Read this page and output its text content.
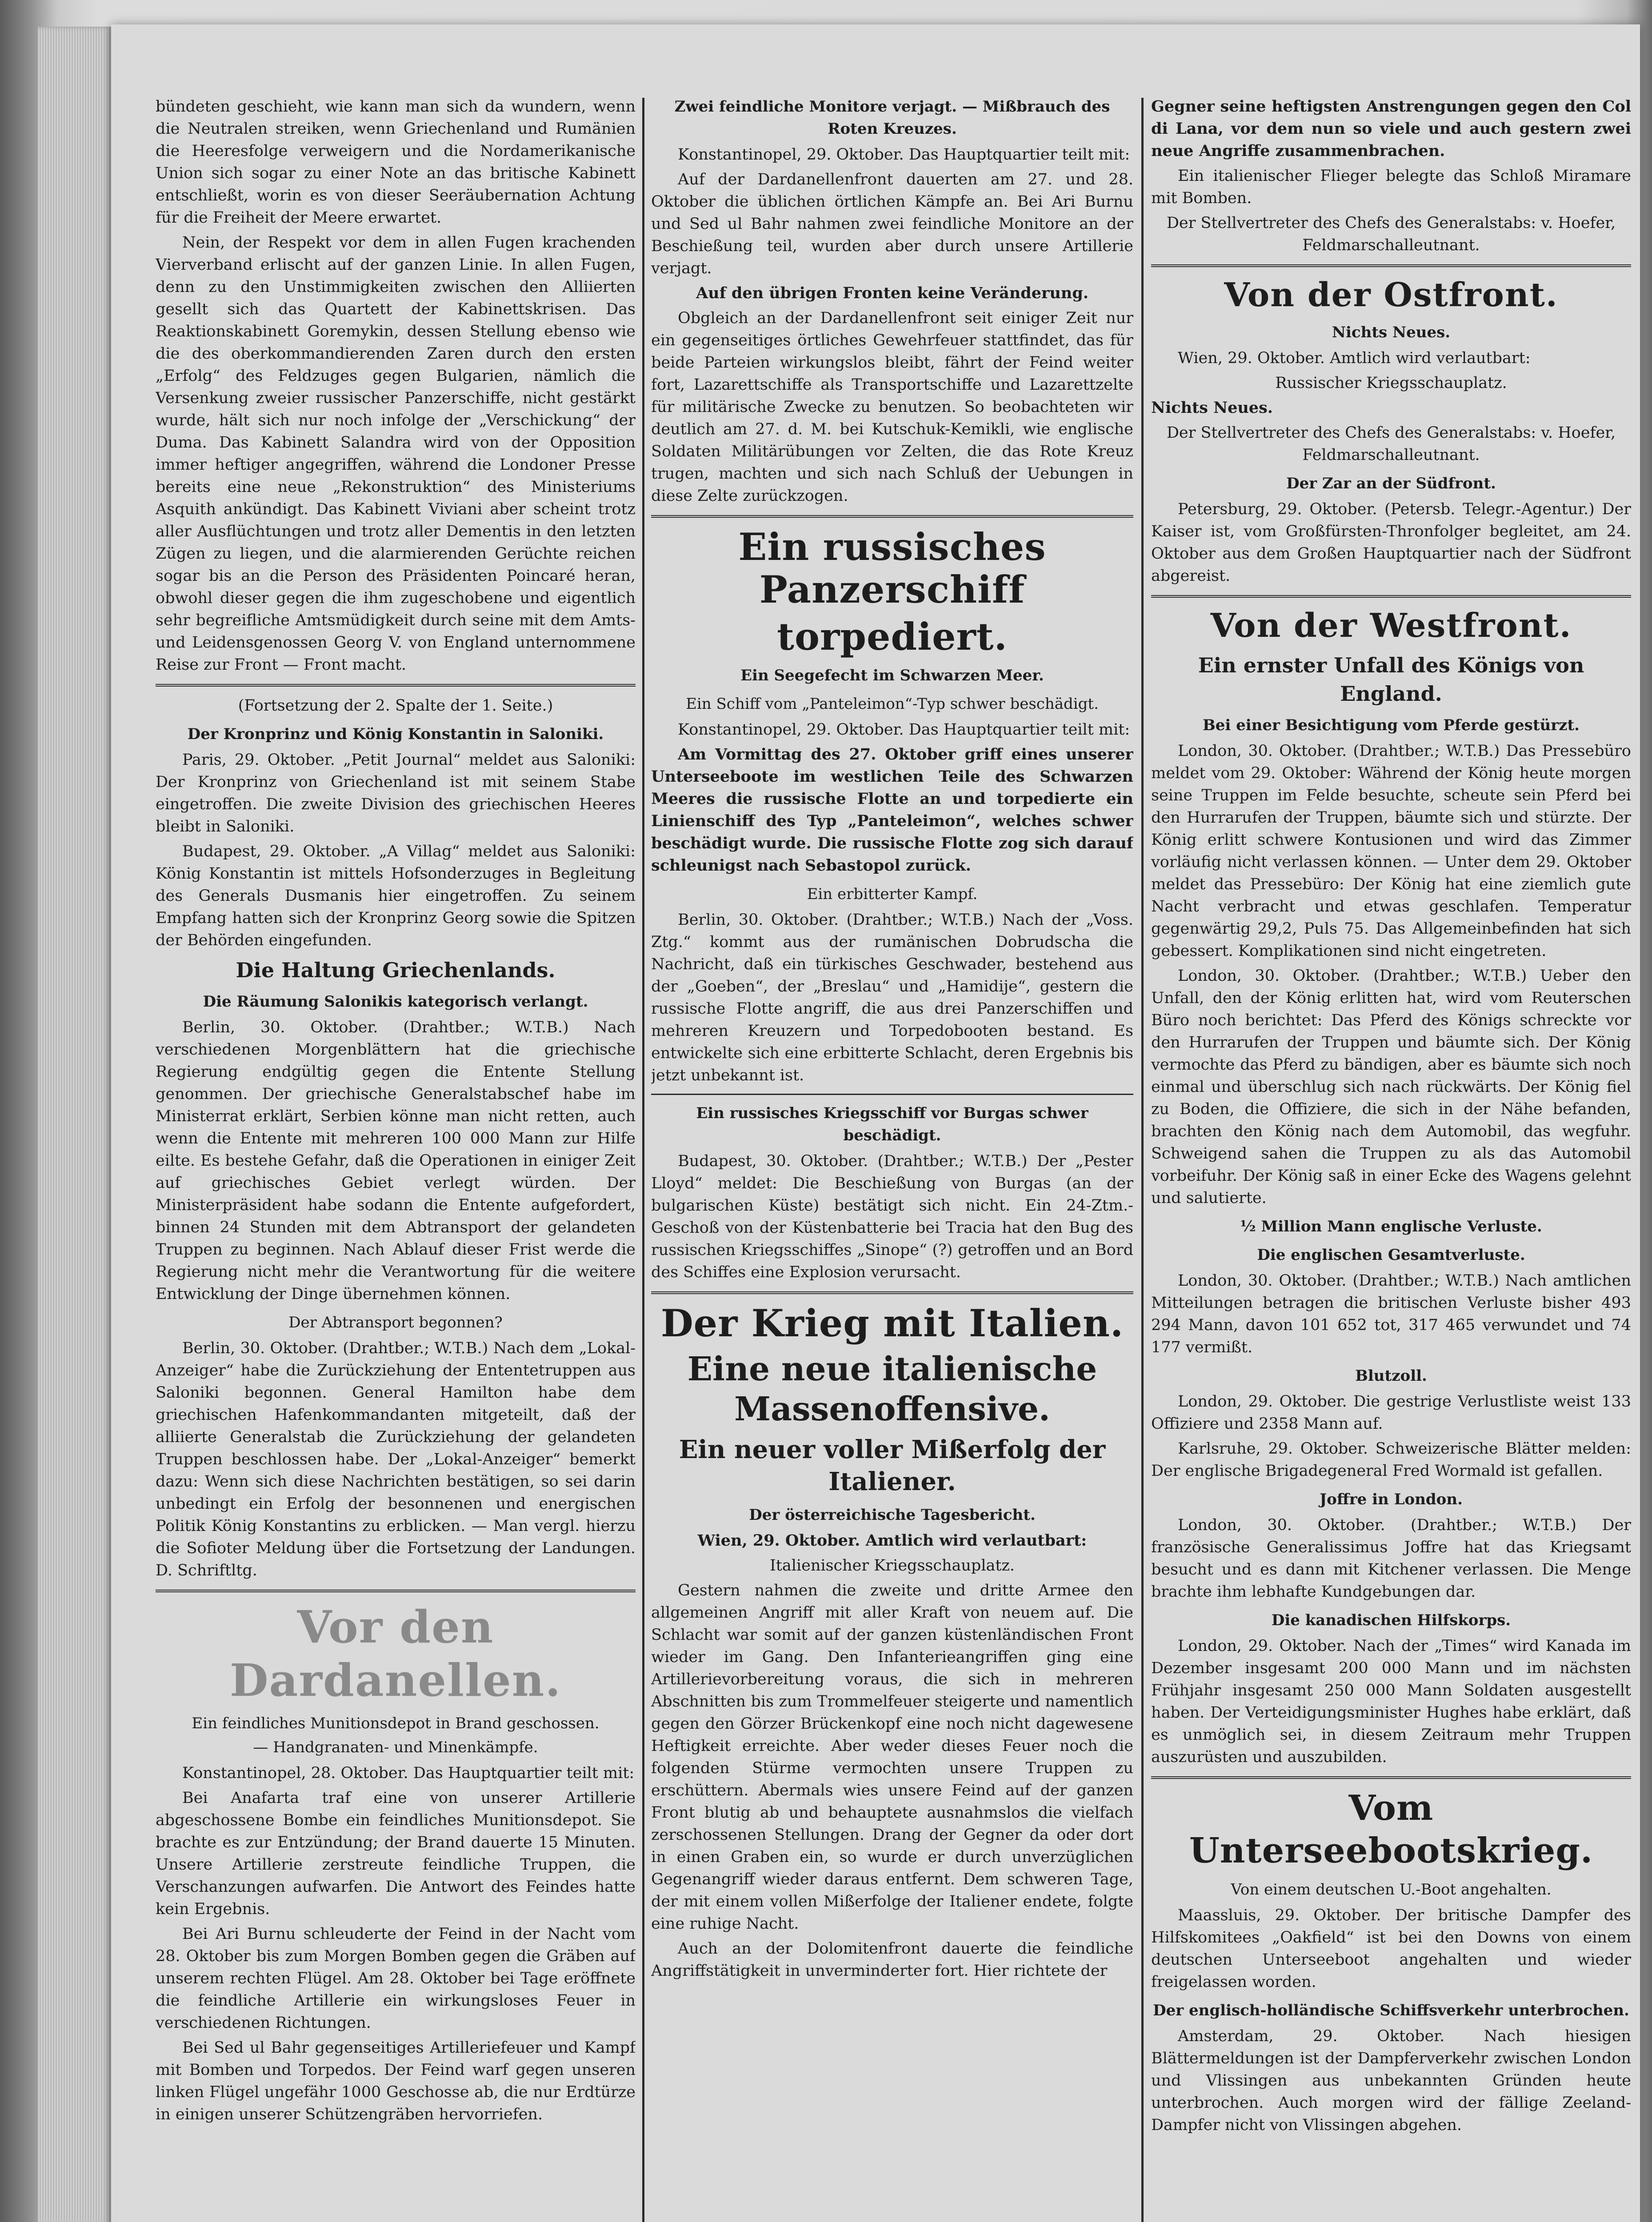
bündeten geschieht, wie kann man sich da wundern, wenn die Neutralen streiken, wenn Griechenland und Rumänien die Heeresfolge verweigern und die Nordamerikanische Union sich sogar zu einer Note an das britische Kabinett entschließt, worin es von dieser Seeräubernation Achtung für die Freiheit der Meere erwartet.

Nein, der Respekt vor dem in allen Fugen krachenden Vierverband erlischt auf der ganzen Linie. In allen Fugen, denn zu den Unstimmigkeiten zwischen den Alliierten gesellt sich das Quartett der Kabinettskrisen. Das Reaktionskabinett Goremykin, dessen Stellung ebenso wie die des oberkommandierenden Zaren durch den ersten „Erfolg“ des Feldzuges gegen Bulgarien, nämlich die Versenkung zweier russischer Panzerschiffe, nicht gestärkt wurde, hält sich nur noch infolge der „Verschickung“ der Duma. Das Kabinett Salandra wird von der Opposition immer heftiger angegriffen, während die Londoner Presse bereits eine neue „Rekonstruktion“ des Ministeriums Asquith ankündigt. Das Kabinett Viviani aber scheint trotz aller Ausflüchtungen und trotz aller Dementis in den letzten Zügen zu liegen, und die alarmierenden Gerüchte reichen sogar bis an die Person des Präsidenten Poincaré heran, obwohl dieser gegen die ihm zugeschobene und eigentlich sehr begreifliche Amtsmüdigkeit durch seine mit dem Amts- und Leidensgenossen Georg V. von England unternommene Reise zur Front — Front macht.

(Fortsetzung der 2. Spalte der 1. Seite.)

Der Kronprinz und König Konstantin in Saloniki.

Paris, 29. Oktober. „Petit Journal“ meldet aus Saloniki: Der Kronprinz von Griechenland ist mit seinem Stabe eingetroffen. Die zweite Division des griechischen Heeres bleibt in Saloniki.

Budapest, 29. Oktober. „A Villag“ meldet aus Saloniki: König Konstantin ist mittels Hofsonderzuges in Begleitung des Generals Dusmanis hier eingetroffen. Zu seinem Empfang hatten sich der Kronprinz Georg sowie die Spitzen der Behörden eingefunden.

Die Haltung Griechenlands.
Die Räumung Salonikis kategorisch verlangt.

Berlin, 30. Oktober. (Drahtber.; W.T.B.) Nach verschiedenen Morgenblättern hat die griechische Regierung endgültig gegen die Entente Stellung genommen. Der griechische Generalstabschef habe im Ministerrat erklärt, Serbien könne man nicht retten, auch wenn die Entente mit mehreren 100 000 Mann zur Hilfe eilte. Es bestehe Gefahr, daß die Operationen in einiger Zeit auf griechisches Gebiet verlegt würden. Der Ministerpräsident habe sodann die Entente aufgefordert, binnen 24 Stunden mit dem Abtransport der gelandeten Truppen zu beginnen. Nach Ablauf dieser Frist werde die Regierung nicht mehr die Verantwortung für die weitere Entwicklung der Dinge übernehmen können.

Der Abtransport begonnen?

Berlin, 30. Oktober. (Drahtber.; W.T.B.) Nach dem „Lokal-Anzeiger“ habe die Zurückziehung der Ententetruppen aus Saloniki begonnen. General Hamilton habe dem griechischen Hafenkommandanten mitgeteilt, daß der alliierte Generalstab die Zurückziehung der gelandeten Truppen beschlossen habe. Der „Lokal-Anzeiger“ bemerkt dazu: Wenn sich diese Nachrichten bestätigen, so sei darin unbedingt ein Erfolg der besonnenen und energischen Politik König Konstantins zu erblicken. — Man vergl. hierzu die Sofioter Meldung über die Fortsetzung der Landungen. D. Schriftltg.

Vor den Dardanellen.
Ein feindliches Munitionsdepot in Brand geschossen.
— Handgranaten- und Minenkämpfe.

Konstantinopel, 28. Oktober. Das Hauptquartier teilt mit:

Bei Anafarta traf eine von unserer Artillerie abgeschossene Bombe ein feindliches Munitionsdepot. Sie brachte es zur Entzündung; der Brand dauerte 15 Minuten. Unsere Artillerie zerstreute feindliche Truppen, die Verschanzungen aufwarfen. Die Antwort des Feindes hatte kein Ergebnis.

Bei Ari Burnu schleuderte der Feind in der Nacht vom 28. Oktober bis zum Morgen Bomben gegen die Gräben auf unserem rechten Flügel. Am 28. Oktober bei Tage eröffnete die feindliche Artillerie ein wirkungsloses Feuer in verschiedenen Richtungen.

Bei Sed ul Bahr gegenseitiges Artilleriefeuer und Kampf mit Bomben und Torpedos. Der Feind warf gegen unseren linken Flügel ungefähr 1000 Geschosse ab, die nur Erdtürze in einigen unserer Schützengräben hervorriefen.

Zwei feindliche Monitore verjagt. — Mißbrauch des Roten Kreuzes.

Konstantinopel, 29. Oktober. Das Hauptquartier teilt mit:

Auf der Dardanellenfront dauerten am 27. und 28. Oktober die üblichen örtlichen Kämpfe an. Bei Ari Burnu und Sed ul Bahr nahmen zwei feindliche Monitore an der Beschießung teil, wurden aber durch unsere Artillerie verjagt.

Auf den übrigen Fronten keine Veränderung.

Obgleich an der Dardanellenfront seit einiger Zeit nur ein gegenseitiges örtliches Gewehrfeuer stattfindet, das für beide Parteien wirkungslos bleibt, fährt der Feind weiter fort, Lazarettschiffe als Transportschiffe und Lazarettzelte für militärische Zwecke zu benutzen. So beobachteten wir deutlich am 27. d. M. bei Kutschuk-Kemikli, wie englische Soldaten Militärübungen vor Zelten, die das Rote Kreuz trugen, machten und sich nach Schluß der Uebungen in diese Zelte zurückzogen.

Ein russisches Panzerschiff
torpediert.
Ein Seegefecht im Schwarzen Meer.
Ein Schiff vom „Panteleimon“-Typ schwer beschädigt.

Konstantinopel, 29. Oktober. Das Hauptquartier teilt mit:

Am Vormittag des 27. Oktober griff eines unserer Unterseeboote im westlichen Teile des Schwarzen Meeres die russische Flotte an und torpedierte ein Linienschiff des Typ „Panteleimon“, welches schwer beschädigt wurde. Die russische Flotte zog sich darauf schleunigst nach Sebastopol zurück.

Ein erbitterter Kampf.

Berlin, 30. Oktober. (Drahtber.; W.T.B.) Nach der „Voss. Ztg.“ kommt aus der rumänischen Dobrudscha die Nachricht, daß ein türkisches Geschwader, bestehend aus der „Goeben“, der „Breslau“ und „Hamidije“, gestern die russische Flotte angriff, die aus drei Panzerschiffen und mehreren Kreuzern und Torpedobooten bestand. Es entwickelte sich eine erbitterte Schlacht, deren Ergebnis bis jetzt unbekannt ist.

Ein russisches Kriegsschiff vor Burgas schwer beschädigt.

Budapest, 30. Oktober. (Drahtber.; W.T.B.) Der „Pester Lloyd“ meldet: Die Beschießung von Burgas (an der bulgarischen Küste) bestätigt sich nicht. Ein 24-Ztm.-Geschoß von der Küstenbatterie bei Tracia hat den Bug des russischen Kriegsschiffes „Sinope“ (?) getroffen und an Bord des Schiffes eine Explosion verursacht.

Der Krieg mit Italien.
Eine neue italienische Massenoffensive.
Ein neuer voller Mißerfolg der Italiener.
Der österreichische Tagesbericht.

Wien, 29. Oktober. Amtlich wird verlautbart:

Italienischer Kriegsschauplatz.

Gestern nahmen die zweite und dritte Armee den allgemeinen Angriff mit aller Kraft von neuem auf. Die Schlacht war somit auf der ganzen küstenländischen Front wieder im Gang. Den Infanterieangriffen ging eine Artillerievorbereitung voraus, die sich in mehreren Abschnitten bis zum Trommelfeuer steigerte und namentlich gegen den Görzer Brückenkopf eine noch nicht dagewesene Heftigkeit erreichte. Aber weder dieses Feuer noch die folgenden Stürme vermochten unsere Truppen zu erschüttern. Abermals wies unsere Feind auf der ganzen Front blutig ab und behauptete ausnahmslos die vielfach zerschossenen Stellungen. Drang der Gegner da oder dort in einen Graben ein, so wurde er durch unverzüglichen Gegenangriff wieder daraus entfernt. Dem schweren Tage, der mit einem vollen Mißerfolge der Italiener endete, folgte eine ruhige Nacht.

Auch an der Dolomitenfront dauerte die feindliche Angriffstätigkeit in unverminderter fort. Hier richtete der

Gegner seine heftigsten Anstrengungen gegen den Col di Lana, vor dem nun so viele und auch gestern zwei neue Angriffe zusammenbrachen.

Ein italienischer Flieger belegte das Schloß Miramare mit Bomben.

Der Stellvertreter des Chefs des Generalstabs: v. Hoefer, Feldmarschalleutnant.

Von der Ostfront.
Nichts Neues.

Wien, 29. Oktober. Amtlich wird verlautbart:

Russischer Kriegsschauplatz.

Nichts Neues.

Der Stellvertreter des Chefs des Generalstabs: v. Hoefer, Feldmarschalleutnant.

Der Zar an der Südfront.

Petersburg, 29. Oktober. (Petersb. Telegr.-Agentur.) Der Kaiser ist, vom Großfürsten-Thronfolger begleitet, am 24. Oktober aus dem Großen Hauptquartier nach der Südfront abgereist.

Von der Westfront.
Ein ernster Unfall des Königs von England.
Bei einer Besichtigung vom Pferde gestürzt.

London, 30. Oktober. (Drahtber.; W.T.B.) Das Pressebüro meldet vom 29. Oktober: Während der König heute morgen seine Truppen im Felde besuchte, scheute sein Pferd bei den Hurrarufen der Truppen, bäumte sich und stürzte. Der König erlitt schwere Kontusionen und wird das Zimmer vorläufig nicht verlassen können. — Unter dem 29. Oktober meldet das Pressebüro: Der König hat eine ziemlich gute Nacht verbracht und etwas geschlafen. Temperatur gegenwärtig 29,2, Puls 75. Das Allgemeinbefinden hat sich gebessert. Komplikationen sind nicht eingetreten.

London, 30. Oktober. (Drahtber.; W.T.B.) Ueber den Unfall, den der König erlitten hat, wird vom Reuterschen Büro noch berichtet: Das Pferd des Königs schreckte vor den Hurrarufen der Truppen und bäumte sich. Der König vermochte das Pferd zu bändigen, aber es bäumte sich noch einmal und überschlug sich nach rückwärts. Der König fiel zu Boden, die Offiziere, die sich in der Nähe befanden, brachten den König nach dem Automobil, das wegfuhr. Schweigend sahen die Truppen zu als das Automobil vorbeifuhr. Der König saß in einer Ecke des Wagens gelehnt und salutierte.

½ Million Mann englische Verluste.
Die englischen Gesamtverluste.

London, 30. Oktober. (Drahtber.; W.T.B.) Nach amtlichen Mitteilungen betragen die britischen Verluste bisher 493 294 Mann, davon 101 652 tot, 317 465 verwundet und 74 177 vermißt.

Blutzoll.

London, 29. Oktober. Die gestrige Verlustliste weist 133 Offiziere und 2358 Mann auf.

Karlsruhe, 29. Oktober. Schweizerische Blätter melden: Der englische Brigadegeneral Fred Wormald ist gefallen.

Joffre in London.

London, 30. Oktober. (Drahtber.; W.T.B.) Der französische Generalissimus Joffre hat das Kriegsamt besucht und es dann mit Kitchener verlassen. Die Menge brachte ihm lebhafte Kundgebungen dar.

Die kanadischen Hilfskorps.

London, 29. Oktober. Nach der „Times“ wird Kanada im Dezember insgesamt 200 000 Mann und im nächsten Frühjahr insgesamt 250 000 Mann Soldaten ausgestellt haben. Der Verteidigungsminister Hughes habe erklärt, daß es unmöglich sei, in diesem Zeitraum mehr Truppen auszurüsten und auszubilden.

Vom Unterseebootskrieg.
Von einem deutschen U.-Boot angehalten.

Maassluis, 29. Oktober. Der britische Dampfer des Hilfskomitees „Oakfield“ ist bei den Downs von einem deutschen Unterseeboot angehalten und wieder freigelassen worden.

Der englisch-holländische Schiffsverkehr unterbrochen.

Amsterdam, 29. Oktober. Nach hiesigen Blättermeldungen ist der Dampferverkehr zwischen London und Vlissingen aus unbekannten Gründen heute unterbrochen. Auch morgen wird der fällige Zeeland-Dampfer nicht von Vlissingen abgehen.
